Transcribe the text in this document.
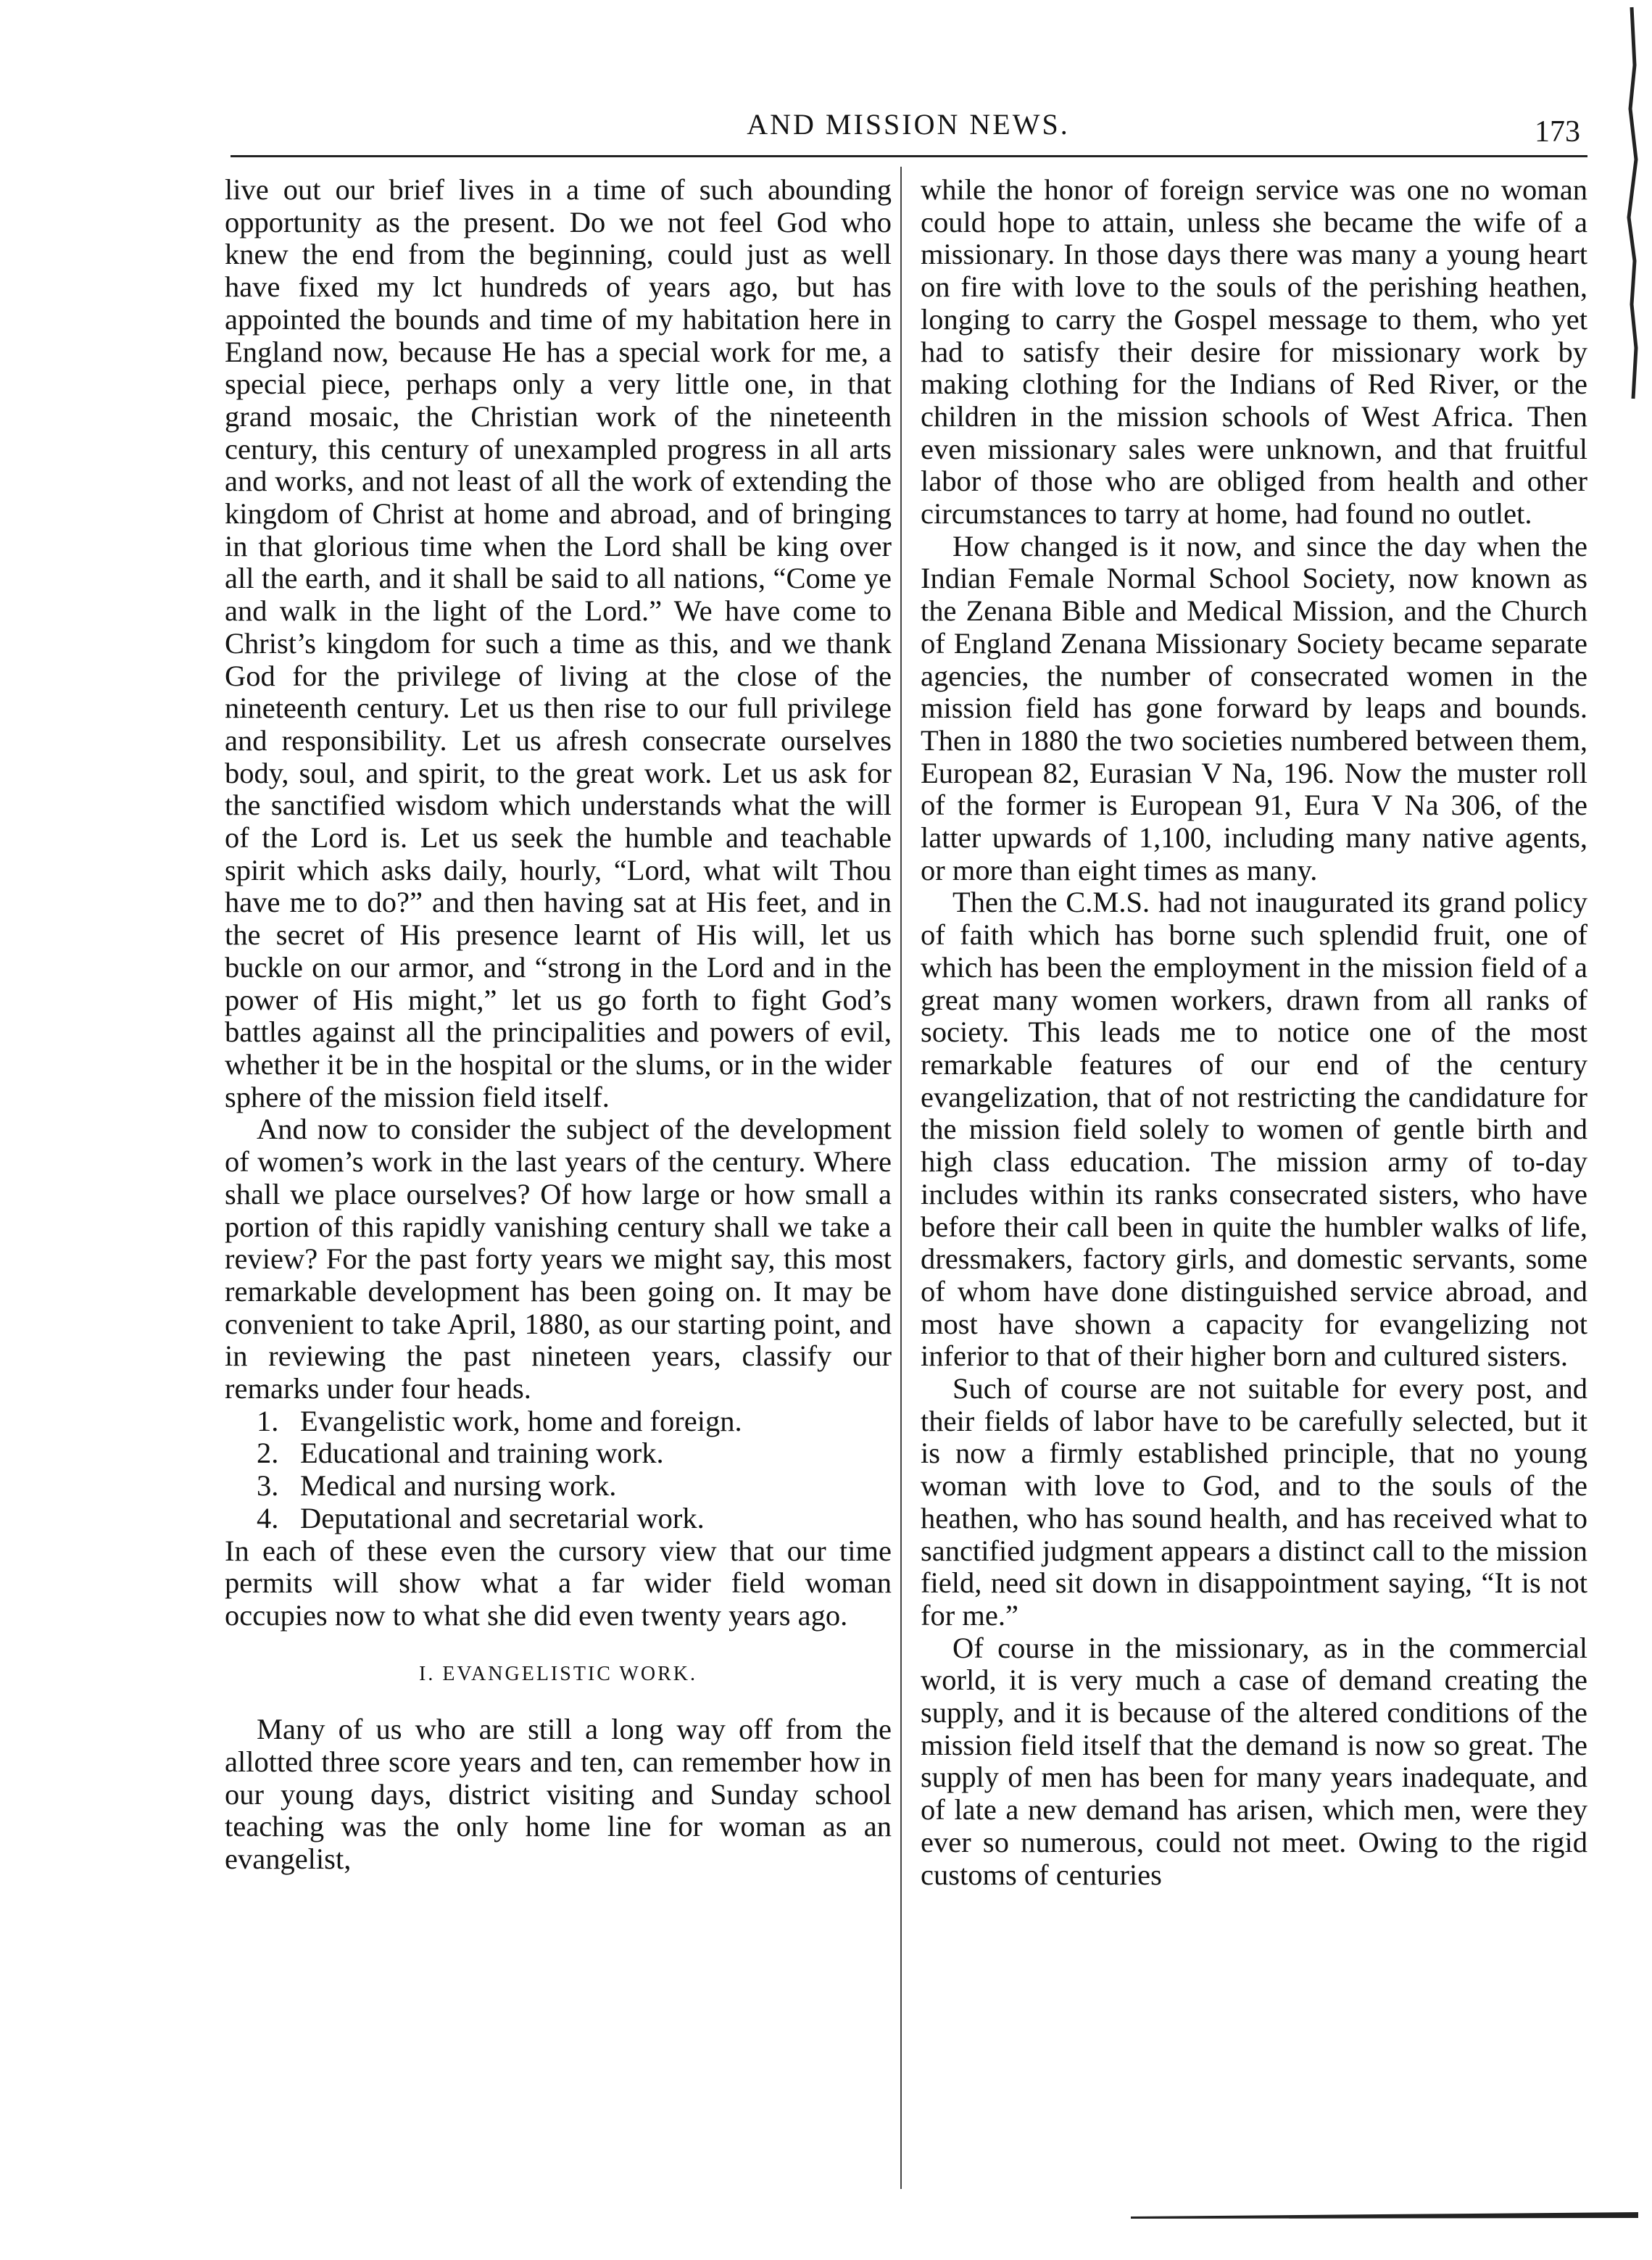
AND MISSION NEWS.	173

live out our brief lives in a time of such abounding opportunity as the present. Do we not feel God who knew the end from the beginning, could just as well have fixed my lct hundreds of years ago, but has appointed the bounds and time of my habitation here in England now, because He has a special work for me, a special piece, perhaps only a very little one, in that grand mosaic, the Christian work of the nineteenth century, this century of unexampled progress in all arts and works, and not least of all the work of extending the kingdom of Christ at home and abroad, and of bringing in that glorious time when the Lord shall be king over all the earth, and it shall be said to all nations, “Come ye and walk in the light of the Lord.” We have come to Christ’s kingdom for such a time as this, and we thank God for the privilege of living at the close of the nineteenth century. Let us then rise to our full privilege and responsibility. Let us afresh consecrate ourselves body, soul, and spirit, to the great work. Let us ask for the sanctified wisdom which understands what the will of the Lord is. Let us seek the humble and teachable spirit which asks daily, hourly, “Lord, what wilt Thou have me to do?” and then having sat at His feet, and in the secret of His presence learnt of His will, let us buckle on our armor, and “strong in the Lord and in the power of His might,” let us go forth to fight God’s battles against all the principalities and powers of evil, whether it be in the hospital or the slums, or in the wider sphere of the mission field itself.

And now to consider the subject of the development of women’s work in the last years of the century. Where shall we place ourselves? Of how large or how small a portion of this rapidly vanishing century shall we take a review? For the past forty years we might say, this most remarkable development has been going on. It may be convenient to take April, 1880, as our starting point, and in reviewing the past nineteen years, classify our remarks under four heads.

1. Evangelistic work, home and foreign.
2. Educational and training work.
3. Medical and nursing work.
4. Deputational and secretarial work.

In each of these even the cursory view that our time permits will show what a far wider field woman occupies now to what she did even twenty years ago.

I. EVANGELISTIC WORK.

Many of us who are still a long way off from the allotted three score years and ten, can remember how in our young days, district visiting and Sunday school teaching was the only home line for woman as an evangelist,

while the honor of foreign service was one no woman could hope to attain, unless she became the wife of a missionary. In those days there was many a young heart on fire with love to the souls of the perishing heathen, longing to carry the Gospel message to them, who yet had to satisfy their desire for missionary work by making clothing for the Indians of Red River, or the children in the mission schools of West Africa. Then even missionary sales were unknown, and that fruitful labor of those who are obliged from health and other circumstances to tarry at home, had found no outlet.

How changed is it now, and since the day when the Indian Female Normal School Society, now known as the Zenana Bible and Medical Mission, and the Church of England Zenana Missionary Society became separate agencies, the number of consecrated women in the mission field has gone forward by leaps and bounds. Then in 1880 the two societies numbered between them, European 82, Eurasian V Na, 196. Now the muster roll of the former is European 91, Eura V Na 306, of the latter upwards of 1,100, including many native agents, or more than eight times as many.

Then the C.M.S. had not inaugurated its grand policy of faith which has borne such splendid fruit, one of which has been the employment in the mission field of a great many women workers, drawn from all ranks of society. This leads me to notice one of the most remarkable features of our end of the century evangelization, that of not restricting the candidature for the mission field solely to women of gentle birth and high class education. The mission army of to-day includes within its ranks consecrated sisters, who have before their call been in quite the humbler walks of life, dressmakers, factory girls, and domestic servants, some of whom have done distinguished service abroad, and most have shown a capacity for evangelizing not inferior to that of their higher born and cultured sisters.

Such of course are not suitable for every post, and their fields of labor have to be carefully selected, but it is now a firmly established principle, that no young woman with love to God, and to the souls of the heathen, who has sound health, and has received what to sanctified judgment appears a distinct call to the mission field, need sit down in disappointment saying, “It is not for me.”

Of course in the missionary, as in the commercial world, it is very much a case of demand creating the supply, and it is because of the altered conditions of the mission field itself that the demand is now so great. The supply of men has been for many years inadequate, and of late a new demand has arisen, which men, were they ever so numerous, could not meet. Owing to the rigid customs of centuries
